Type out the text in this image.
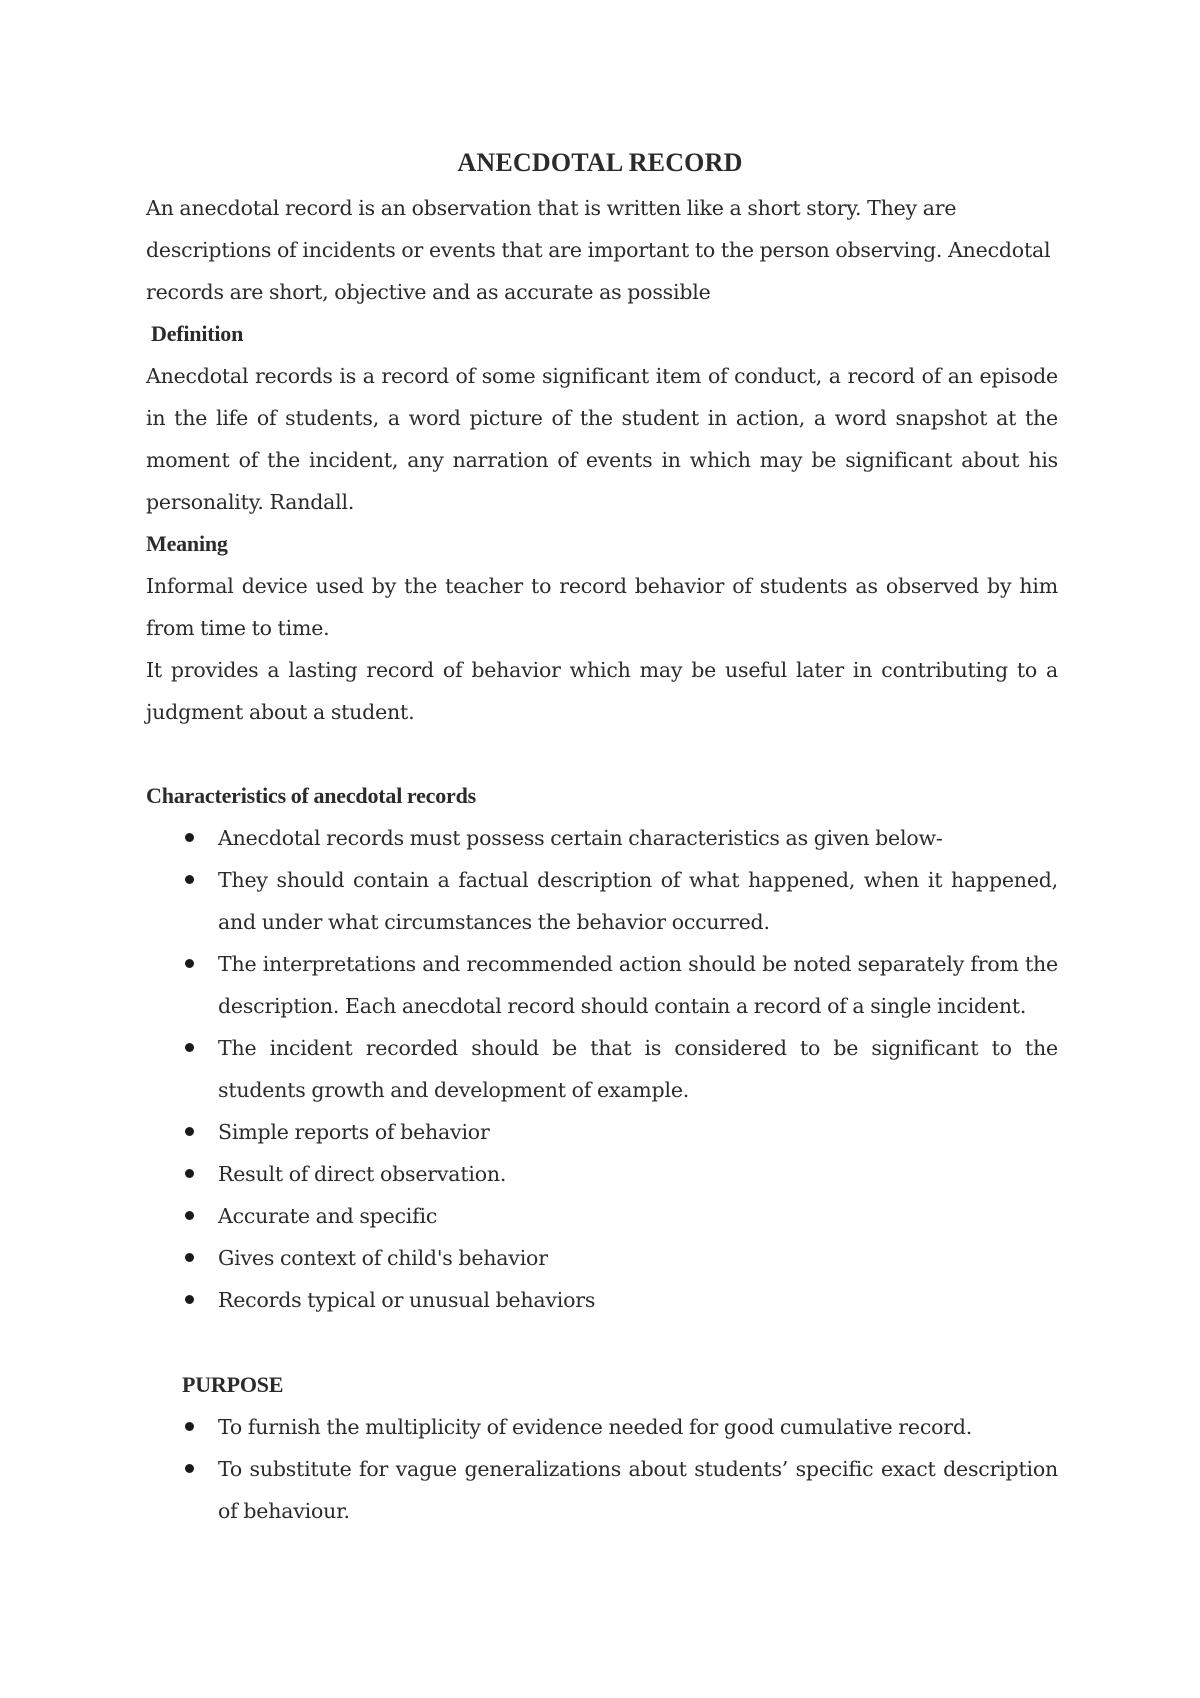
ANECDOTAL RECORD

An anecdotal record is an observation that is written like a short story. They are descriptions of incidents or events that are important to the person observing. Anecdotal records are short, objective and as accurate as possible

Definition

Anecdotal records is a record of some significant item of conduct, a record of an episode in the life of students, a word picture of the student in action, a word snapshot at the moment of the incident, any narration of events in which may be significant about his personality. Randall.

Meaning

Informal device used by the teacher to record behavior of students as observed by him from time to time.

It provides a lasting record of behavior which may be useful later in contributing to a judgment about a student.

Characteristics of anecdotal records
Anecdotal records must possess certain characteristics as given below-
They should contain a factual description of what happened, when it happened, and under what circumstances the behavior occurred.
The interpretations and recommended action should be noted separately from the description. Each anecdotal record should contain a record of a single incident.
The incident recorded should be that is considered to be significant to the students growth and development of example.
Simple reports of behavior
Result of direct observation.
Accurate and specific
Gives context of child's behavior
Records typical or unusual behaviors
PURPOSE
To furnish the multiplicity of evidence needed for good cumulative record.
To substitute for vague generalizations about students’ specific exact description of behaviour.
